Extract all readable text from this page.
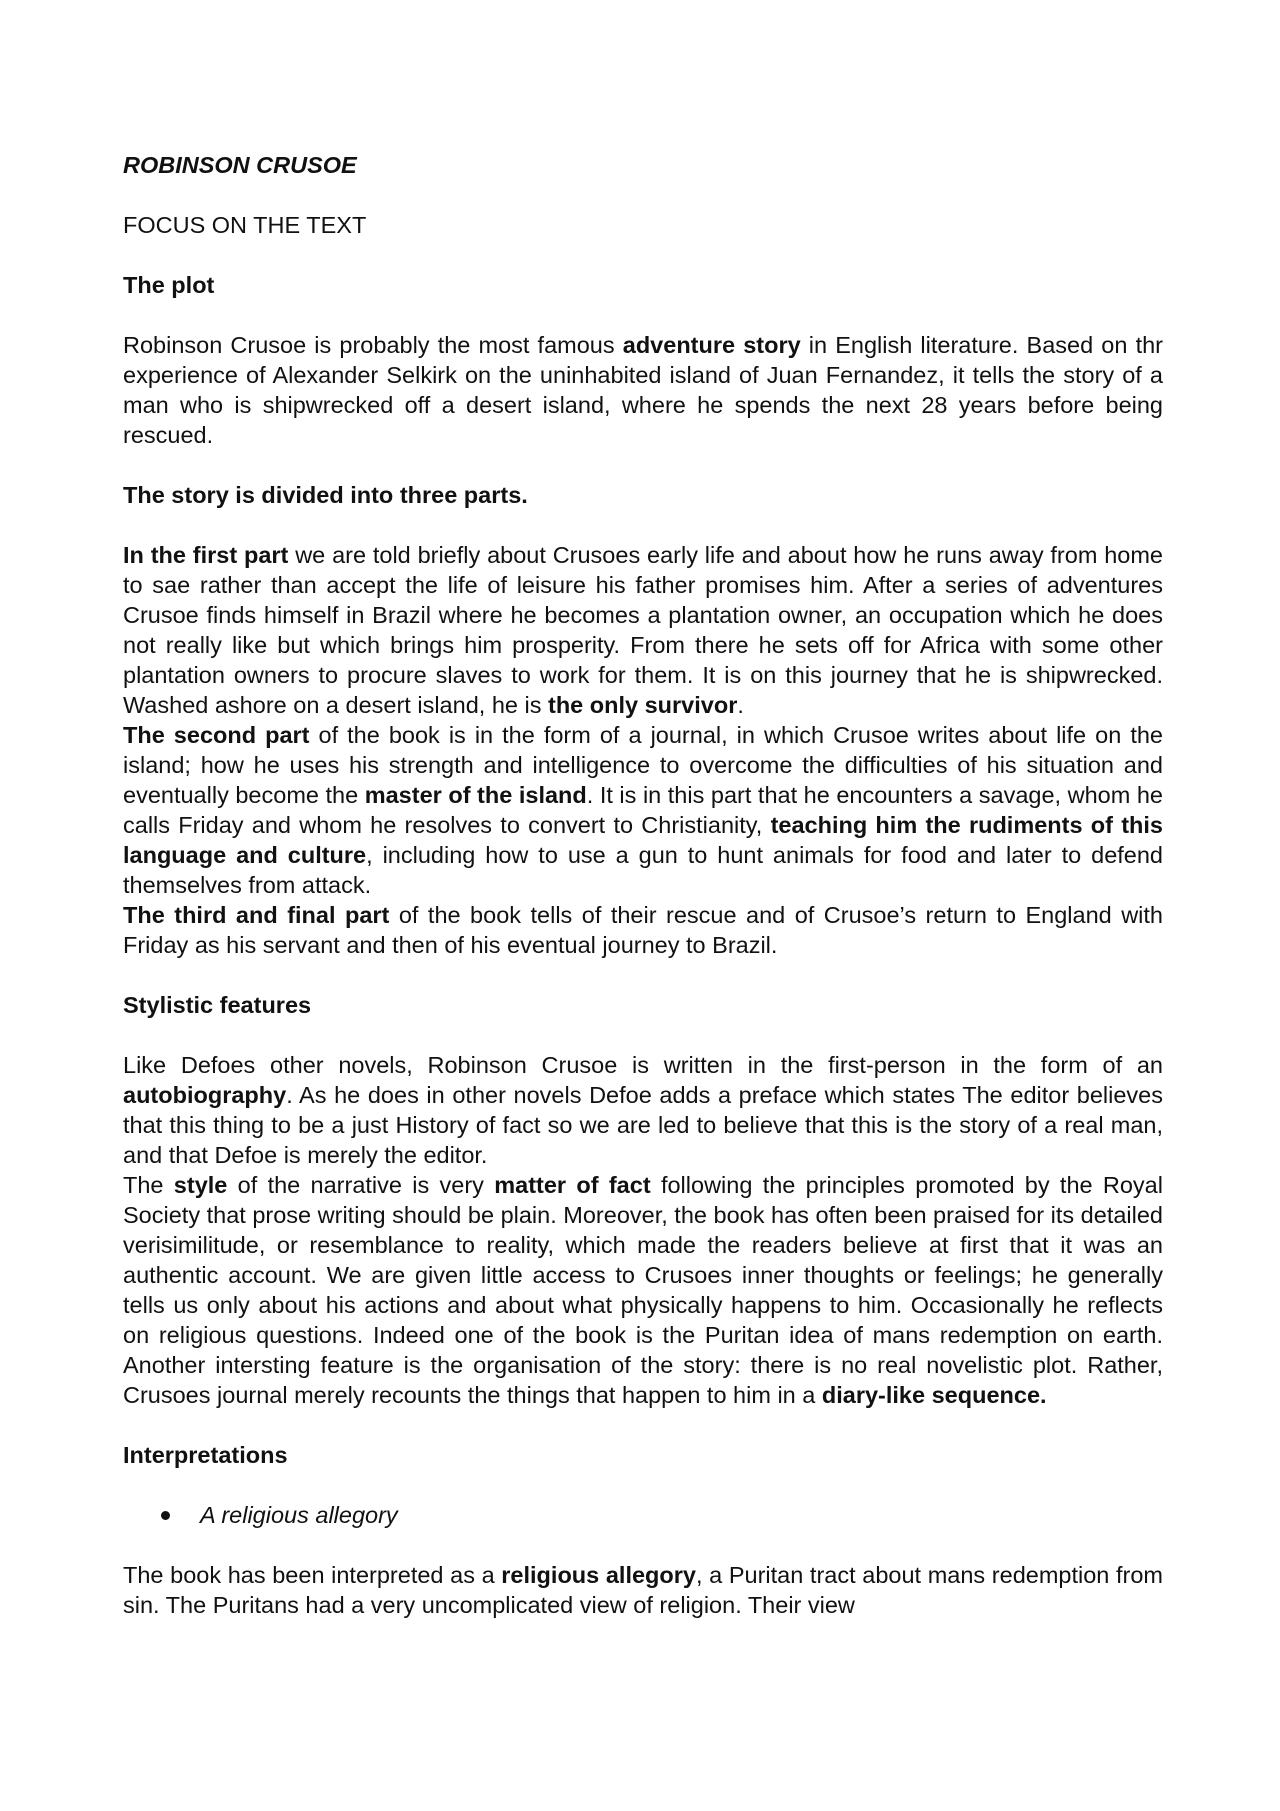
ROBINSON CRUSOE

FOCUS ON THE TEXT

The plot

Robinson Crusoe is probably the most famous adventure story in English literature. Based on thr experience of Alexander Selkirk on the uninhabited island of Juan Fernandez, it tells the story of a man who is shipwrecked off a desert island, where he spends the next 28 years before being rescued.

The story is divided into three parts.

In the first part we are told briefly about Crusoes early life and about how he runs away from home to sae rather than accept the life of leisure his father promises him. After a series of adventures Crusoe finds himself in Brazil where he becomes a plantation owner, an occupation which he does not really like but which brings him prosperity. From there he sets off for Africa with some other plantation owners to procure slaves to work for them. It is on this journey that he is shipwrecked. Washed ashore on a desert island, he is the only survivor.

The second part of the book is in the form of a journal, in which Crusoe writes about life on the island; how he uses his strength and intelligence to overcome the difficulties of his situation and eventually become the master of the island. It is in this part that he encounters a savage, whom he calls Friday and whom he resolves to convert to Christianity, teaching him the rudiments of this language and culture, including how to use a gun to hunt animals for food and later to defend themselves from attack.

The third and final part of the book tells of their rescue and of Crusoe’s return to England with Friday as his servant and then of his eventual journey to Brazil.

Stylistic features

Like Defoes other novels, Robinson Crusoe is written in the first-person in the form of an autobiography. As he does in other novels Defoe adds a preface which states The editor believes that this thing to be a just History of fact so we are led to believe that this is the story of a real man, and that Defoe is merely the editor.

The style of the narrative is very matter of fact following the principles promoted by the Royal Society that prose writing should be plain. Moreover, the book has often been praised for its detailed verisimilitude, or resemblance to reality, which made the readers believe at first that it was an authentic account. We are given little access to Crusoes inner thoughts or feelings; he generally tells us only about his actions and about what physically happens to him. Occasionally he reflects on religious questions. Indeed one of the book is the Puritan idea of mans redemption on earth. Another intersting feature is the organisation of the story: there is no real novelistic plot. Rather, Crusoes journal merely recounts the things that happen to him in a diary-like sequence.

Interpretations

A religious allegory

The book has been interpreted as a religious allegory, a Puritan tract about mans redemption from sin. The Puritans had a very uncomplicated view of religion. Their view
